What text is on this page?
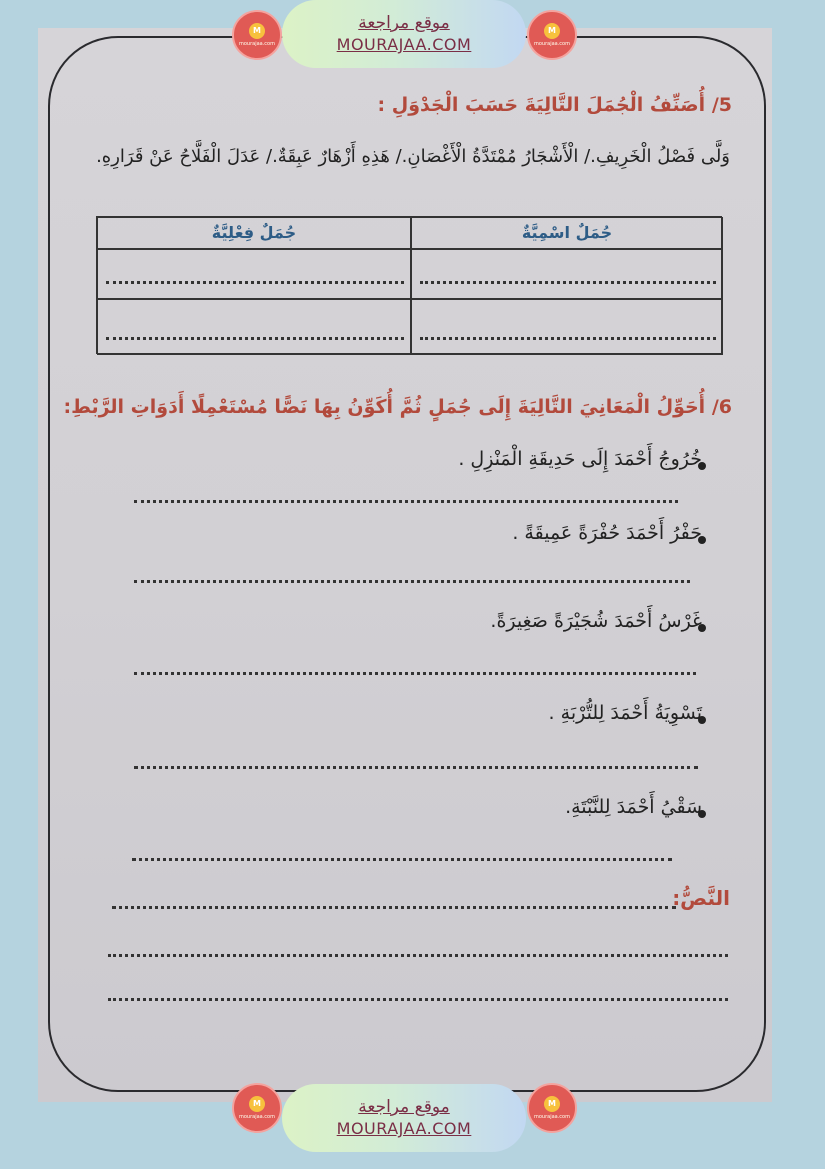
M
mourajaa.com
موقع مراجعة
MOURAJAA.COM
M
mourajaa.com
5/ أُصَنِّفُ الْجُمَلَ التَّالِيَةَ حَسَبَ الْجَدْوَلِ :
وَلَّى فَصْلُ الْخَرِيفِ./ الْأَشْجَارُ مُمْتَدَّةُ الْأَغْصَانِ./ هَذِهِ أَزْهَارٌ عَبِقَةٌ./ عَدَلَ الْفَلَّاحُ عَنْ قَرَارِهِ.
جُمَلٌ فِعْلِيَّةٌ	جُمَلٌ اسْمِيَّةٌ
6/ أُحَوِّلُ الْمَعَانِيَ التَّالِيَةَ إِلَى جُمَلٍ ثُمَّ أُكَوِّنُ بِهَا نَصًّا مُسْتَعْمِلًا أَدَوَاتِ الرَّبْطِ:
خُرُوجُ أَحْمَدَ إِلَى حَدِيقَةِ الْمَنْزِلِ .
حَفْرُ أَحْمَدَ حُفْرَةً عَمِيقَةً .
غَرْسُ أَحْمَدَ شُجَيْرَةً صَغِيرَةً.
تَسْوِيَةُ أَحْمَدَ لِلتُّرْبَةِ .
سَقْيُ أَحْمَدَ لِلنَّبْتَةِ.
النَّصُّ:
M
mourajaa.com	موقع مراجعة
MOURAJAA.COM
M
mourajaa.com
